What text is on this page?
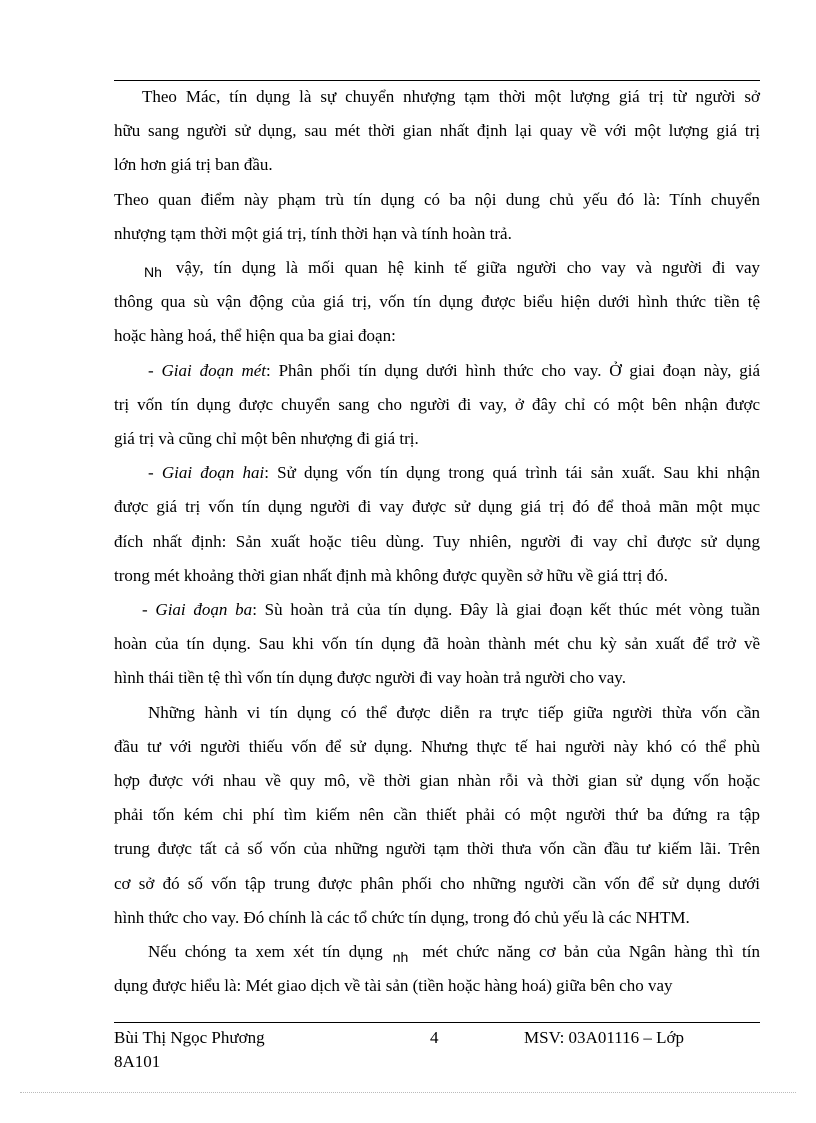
Theo Mác, tín dụng là sự chuyển nhượng tạm thời một lượng giá trị từ người sở
hữu sang người sử dụng, sau mét thời gian nhất định lại quay về với một lượng giá trị
lớn hơn giá trị ban đầu.
Theo quan điểm này phạm trù tín dụng có ba nội dung chủ yếu đó là: Tính chuyển
nhượng tạm thời một giá trị, tính thời hạn và tính hoàn trả.
$_{Nh}$ vậy, tín dụng là mối quan hệ kinh tế giữa người cho vay và người đi vay
thông qua sù vận động của giá trị, vốn tín dụng được biểu hiện dưới hình thức tiền tệ
hoặc hàng hoá, thể hiện qua ba giai đoạn:
- Giai đoạn mét: Phân phối tín dụng dưới hình thức cho vay. Ở giai đoạn này, giá
trị vốn tín dụng được chuyển sang cho người đi vay, ở đây chỉ có một bên nhận được
giá trị và cũng chỉ một bên nhượng đi giá trị.
- Giai đoạn hai: Sử dụng vốn tín dụng trong quá trình tái sản xuất. Sau khi nhận
được giá trị vốn tín dụng người đi vay được sử dụng giá trị đó để thoả mãn một mục
đích nhất định: Sản xuất hoặc tiêu dùng. Tuy nhiên, người đi vay chỉ được sử dụng
trong mét khoảng thời gian nhất định mà không được quyền sở hữu về giá ttrị đó.
- Giai đoạn ba: Sù hoàn trả của tín dụng. Đây là giai đoạn kết thúc mét vòng tuần
hoàn của tín dụng. Sau khi vốn tín dụng đã hoàn thành mét chu kỳ sản xuất để trở về
hình thái tiền tệ thì vốn tín dụng được người đi vay hoàn trả người cho vay.
Những hành vi tín dụng có thể được diễn ra trực tiếp giữa người thừa vốn cần
đầu tư với người thiếu vốn để sử dụng. Nhưng thực tế hai người này khó có thể phù
hợp được với nhau về quy mô, về thời gian nhàn rỗi và thời gian sử dụng vốn hoặc
phải tốn kém chi phí tìm kiếm nên cần thiết phải có một người thứ ba đứng ra tập
trung được tất cả số vốn của những người tạm thời thưa vốn cần đầu tư kiếm lãi. Trên
cơ sở đó số vốn tập trung được phân phối cho những người cần vốn để sử dụng dưới
hình thức cho vay. Đó chính là các tổ chức tín dụng, trong đó chủ yếu là các NHTM.
Nếu chóng ta xem xét tín dụng $_{nh}$ mét chức năng cơ bản của Ngân hàng thì tín
dụng được hiểu là: Mét giao dịch về tài sản (tiền hoặc hàng hoá) giữa bên cho vay
Bùi Thị Ngọc Phương	4	MSV: 03A01116 – Lớp
8A101
